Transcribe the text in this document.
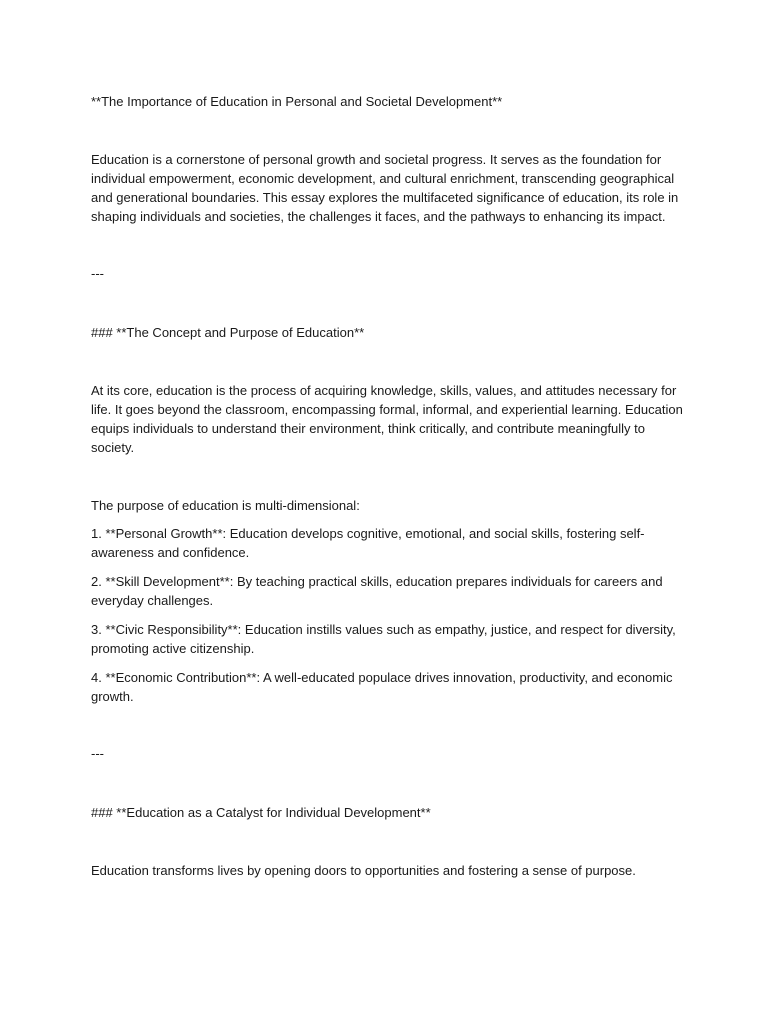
**The Importance of Education in Personal and Societal Development**

Education is a cornerstone of personal growth and societal progress. It serves as the foundation for

individual empowerment, economic development, and cultural enrichment, transcending geographical

and generational boundaries. This essay explores the multifaceted significance of education, its role in

shaping individuals and societies, the challenges it faces, and the pathways to enhancing its impact.

---

### **The Concept and Purpose of Education**

At its core, education is the process of acquiring knowledge, skills, values, and attitudes necessary for

life. It goes beyond the classroom, encompassing formal, informal, and experiential learning. Education

equips individuals to understand their environment, think critically, and contribute meaningfully to

society.

The purpose of education is multi-dimensional:

1. **Personal Growth**: Education develops cognitive, emotional, and social skills, fostering self-

awareness and confidence.

2. **Skill Development**: By teaching practical skills, education prepares individuals for careers and

everyday challenges.

3. **Civic Responsibility**: Education instills values such as empathy, justice, and respect for diversity,

promoting active citizenship.

4. **Economic Contribution**: A well-educated populace drives innovation, productivity, and economic

growth.

---

### **Education as a Catalyst for Individual Development**

Education transforms lives by opening doors to opportunities and fostering a sense of purpose.
